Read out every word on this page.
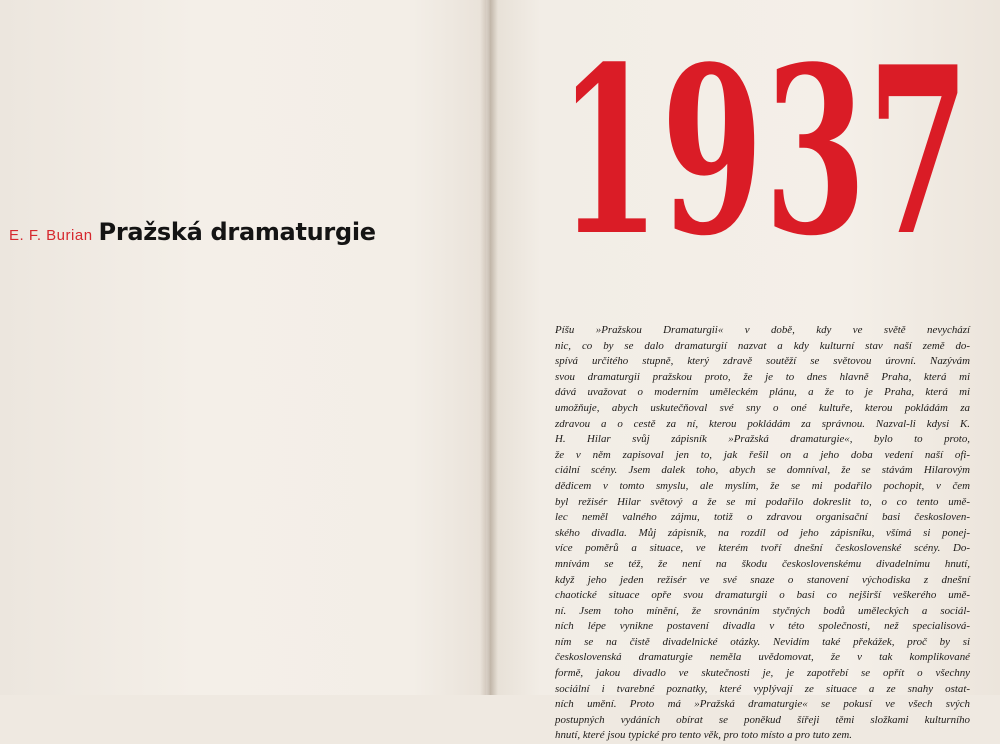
E. F. Burian Pražská dramaturgie 1937
Píšu »Pražskou Dramaturgii« v době, kdy ve světě nevychází
nic, co by se dalo dramaturgií nazvat a kdy kulturní stav naší země do-
spívá určitého stupně, který zdravě soutěží se světovou úrovní. Nazývám
svou dramaturgii pražskou proto, že je to dnes hlavně Praha, která mi
dává uvažovat o moderním uměleckém plánu, a že to je Praha, která mi
umožňuje, abych uskutečňoval své sny o oné kultuře, kterou pokládám za
zdravou a o cestě za ní, kterou pokládám za správnou. Nazval-li kdysi K.
H. Hilar svůj zápisník »Pražská dramaturgie«, bylo to proto,
že v něm zapisoval jen to, jak řešil on a jeho doba vedení naší ofi-
ciální scény. Jsem dalek toho, abych se domníval, že se stávám Hilarovým
dědicem v tomto smyslu, ale myslím, že se mi podařilo pochopit, v čem
byl režisér Hilar světový a že se mi podařilo dokreslit to, o co tento umě-
lec neměl valného zájmu, totiž o zdravou organisační basi českosloven-
ského divadla. Můj zápisník, na rozdíl od jeho zápisníku, všímá si ponej-
více poměrů a situace, ve kterém tvoří dnešní československé scény. Do-
mnívám se též, že není na škodu československému divadelnímu hnutí,
když jeho jeden režisér ve své snaze o stanovení východiska z dnešní
chaotické situace opře svou dramaturgii o basi co nejširší veškerého umě-
ní. Jsem toho mínění, že srovnáním styčných bodů uměleckých a sociál-
ních lépe vynikne postavení divadla v této společnosti, než specialisová-
ním se na čistě divadelnické otázky. Nevidím také překážek, proč by si
československá dramaturgie neměla uvědomovat, že v tak komplikované
formě, jakou divadlo ve skutečnosti je, je zapotřebí se opřít o všechny
sociální i tvarebné poznatky, které vyplývají ze situace a ze snahy ostat-
ních umění. Proto má »Pražská dramaturgie« se pokusí ve všech svých
postupných vydáních obírat se poněkud šířeji těmi složkami kulturního
hnutí, které jsou typické pro tento věk, pro toto místo a pro tuto zem.
